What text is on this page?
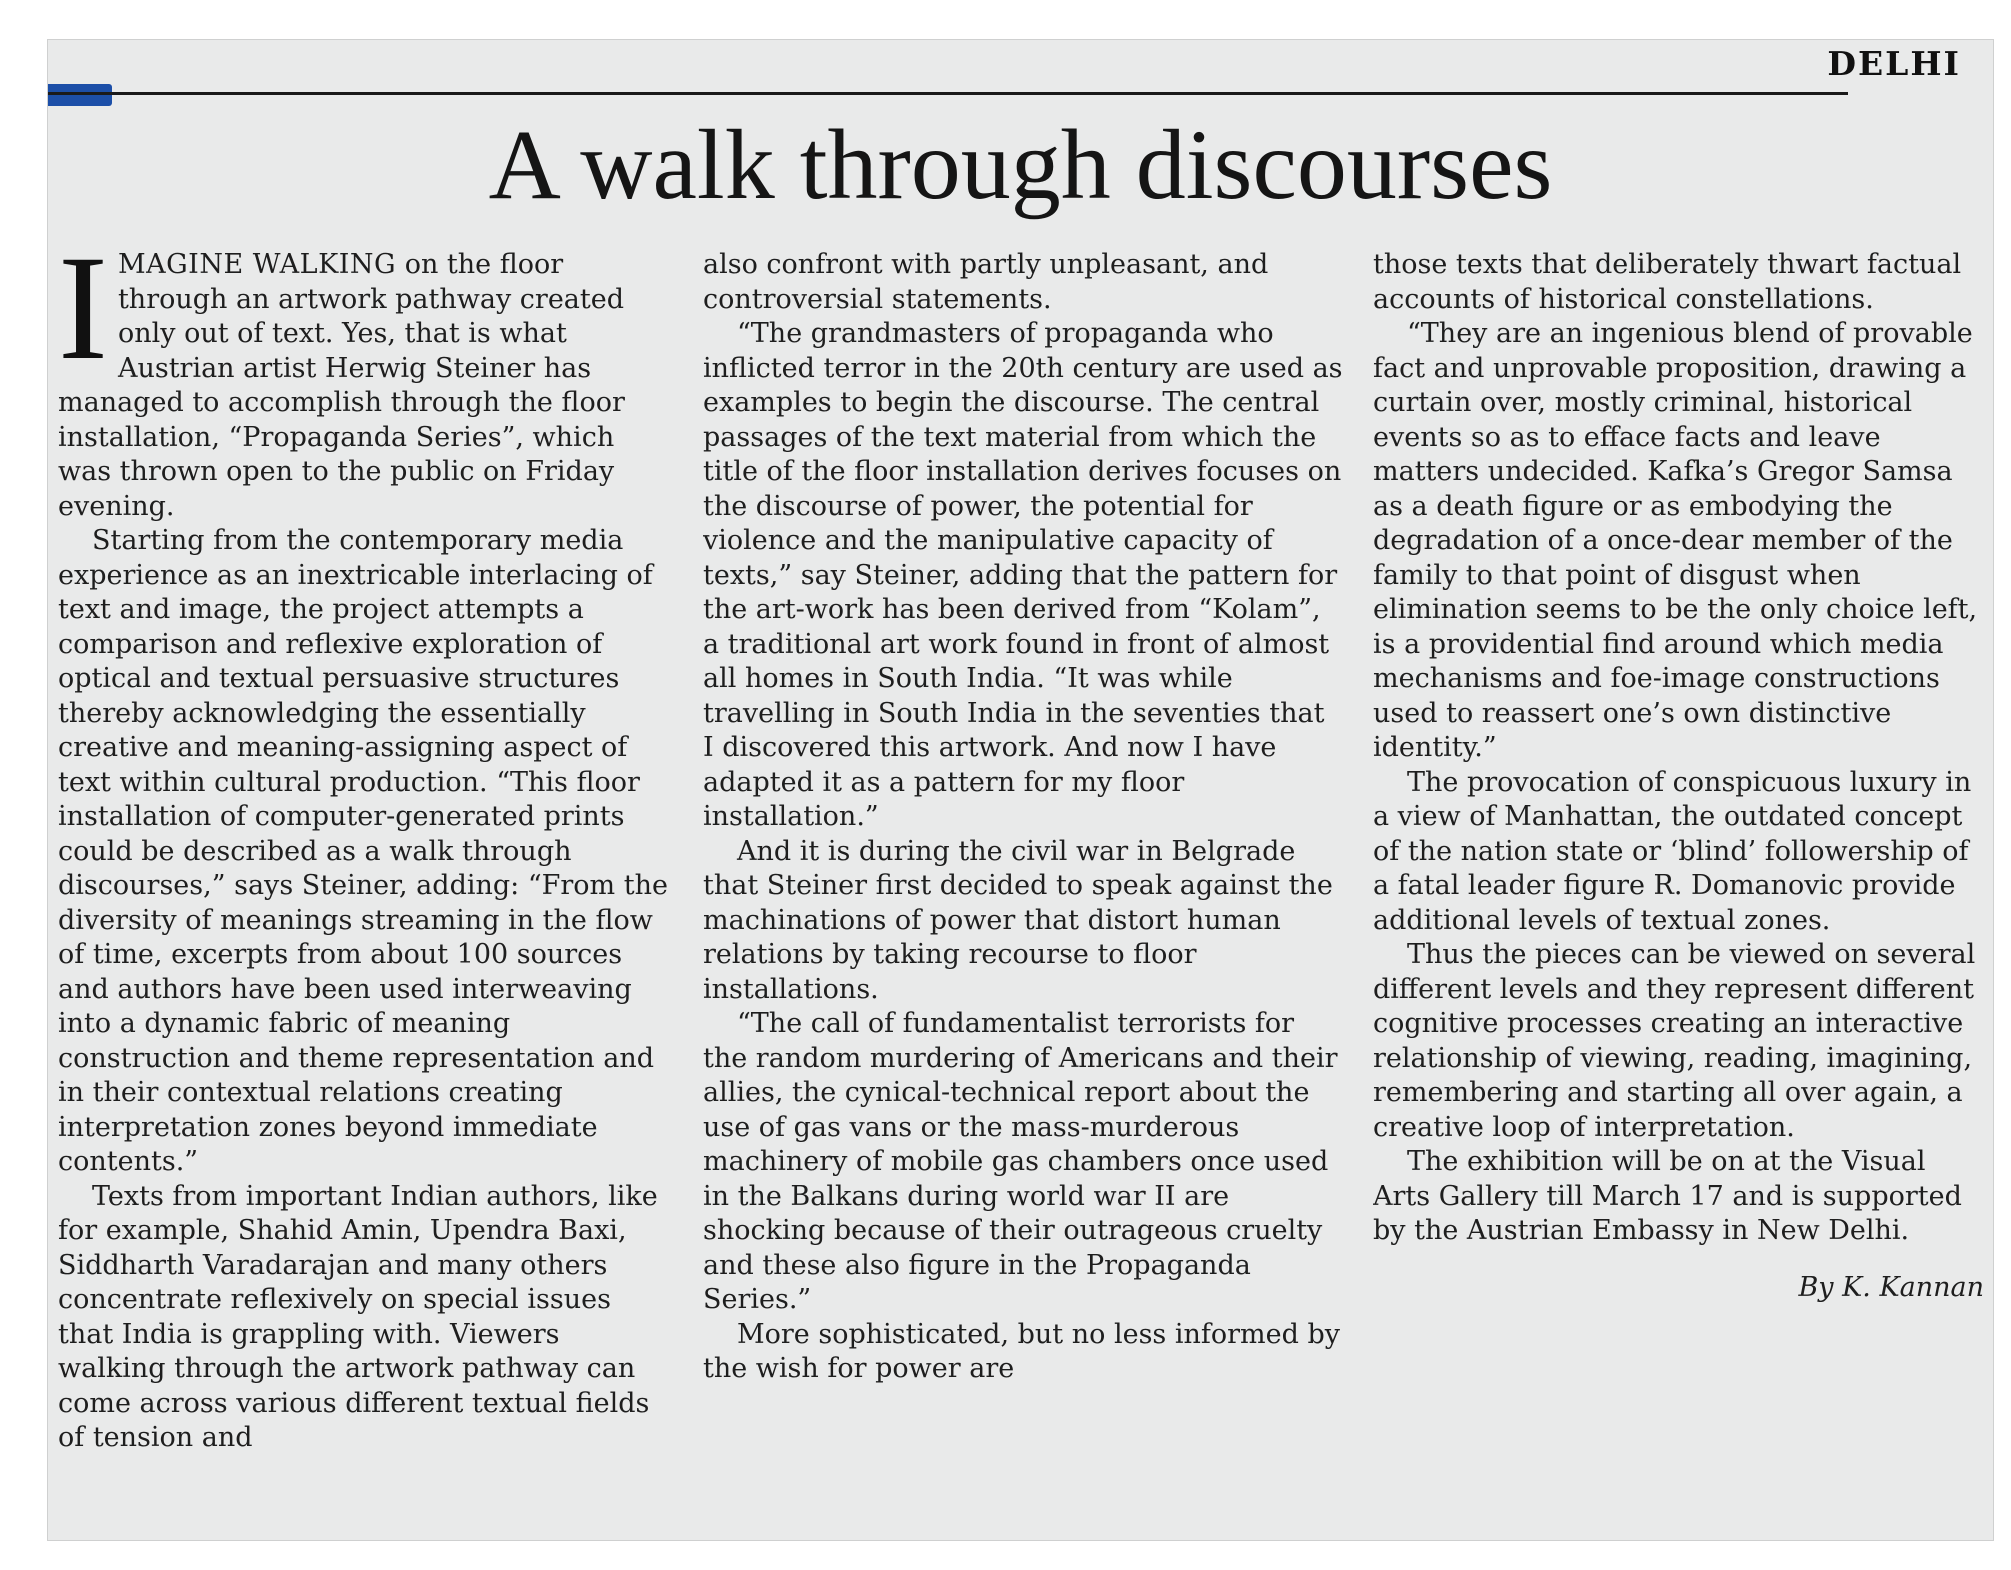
DELHI
A walk through discourses

IMAGINE WALKING on the floor through an artwork pathway created only out of text. Yes, that is what Austrian artist Herwig Steiner has managed to accomplish through the floor installation, “Propaganda Series”, which was thrown open to the public on Friday evening.

Starting from the contemporary media experience as an inextricable interlacing of text and image, the project attempts a comparison and reflexive exploration of optical and textual persuasive structures thereby acknowledging the essentially creative and meaning-assigning aspect of text within cultural production. “This floor installation of computer-generated prints could be described as a walk through discourses,” says Steiner, adding: “From the diversity of meanings streaming in the flow of time, excerpts from about 100 sources and authors have been used interweaving into a dynamic fabric of meaning construction and theme representation and in their contextual relations creating interpretation zones beyond immediate contents.”

Texts from important Indian authors, like for example, Shahid Amin, Upendra Baxi, Siddharth Varadarajan and many others concentrate reflexively on special issues that India is grappling with. Viewers walking through the artwork pathway can come across various different textual fields of tension and

also confront with partly unpleasant, and controversial statements.

“The grandmasters of propaganda who inflicted terror in the 20th century are used as examples to begin the discourse. The central passages of the text material from which the title of the floor installation derives focuses on the discourse of power, the potential for violence and the manipulative capacity of texts,” say Steiner, adding that the pattern for the art-work has been derived from “Kolam”, a traditional art work found in front of almost all homes in South India. “It was while travelling in South India in the seventies that I discovered this artwork. And now I have adapted it as a pattern for my floor installation.”

And it is during the civil war in Belgrade that Steiner first decided to speak against the machinations of power that distort human relations by taking recourse to floor installations.

“The call of fundamentalist terrorists for the random murdering of Americans and their allies, the cynical-technical report about the use of gas vans or the mass-murderous machinery of mobile gas chambers once used in the Balkans during world war II are shocking because of their outrageous cruelty and these also figure in the Propaganda Series.”

More sophisticated, but no less informed by the wish for power are

those texts that deliberately thwart factual accounts of historical constellations.

“They are an ingenious blend of provable fact and unprovable proposition, drawing a curtain over, mostly criminal, historical events so as to efface facts and leave matters undecided. Kafka’s Gregor Samsa as a death figure or as embodying the degradation of a once-dear member of the family to that point of disgust when elimination seems to be the only choice left, is a providential find around which media mechanisms and foe-image constructions used to reassert one’s own distinctive identity.”

The provocation of conspicuous luxury in a view of Manhattan, the outdated concept of the nation state or ‘blind’ followership of a fatal leader figure R. Domanovic provide additional levels of textual zones.

Thus the pieces can be viewed on several different levels and they represent different cognitive processes creating an interactive relationship of viewing, reading, imagining, remembering and starting all over again, a creative loop of interpretation.

The exhibition will be on at the Visual Arts Gallery till March 17 and is supported by the Austrian Embassy in New Delhi.

By K. Kannan
